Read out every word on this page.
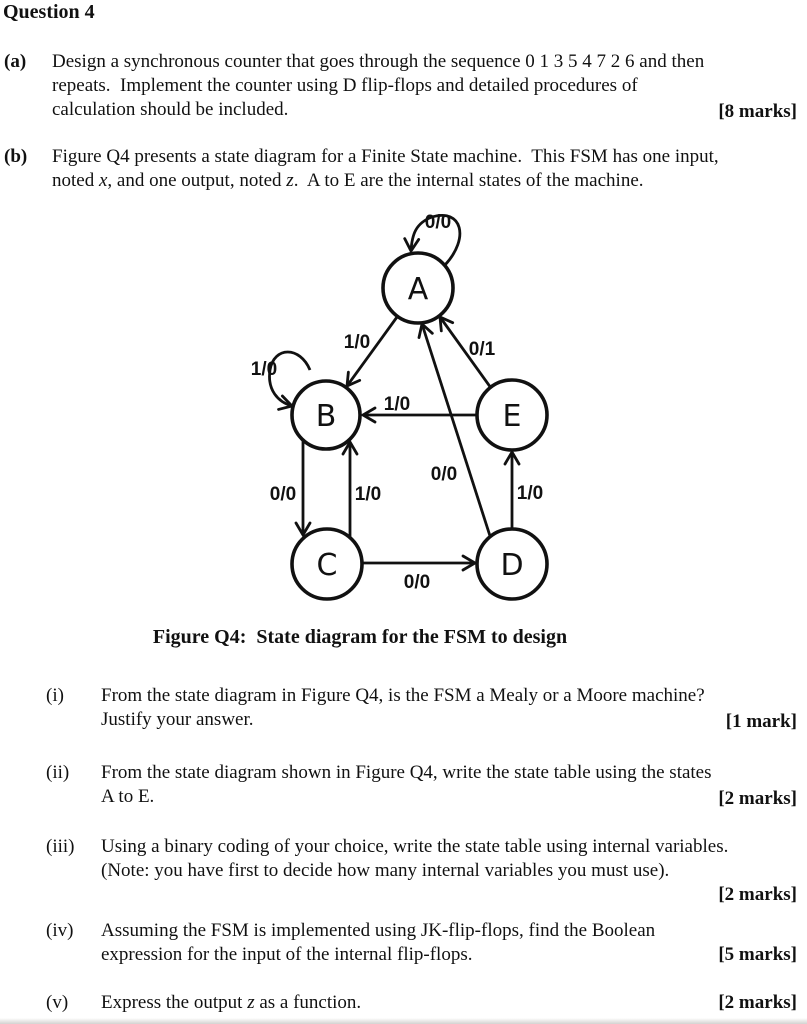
Question 4
(a) Design a synchronous counter that goes through the sequence 0 1 3 5 4 7 2 6 and then
repeats.  Implement the counter using D flip-flops and detailed procedures of
calculation should be included.	[8 marks]
(b) Figure Q4 presents a state diagram for a Finite State machine.  This FSM has one input,
noted x, and one output, noted z.  A to E are the internal states of the machine.
A
B	E
C	D
0/0
1/0
1/0
1/0
0/1
0/0	1/0
0/0
1/0
0/0
Figure Q4:  State diagram for the FSM to design
(i) From the state diagram in Figure Q4, is the FSM a Mealy or a Moore machine?
Justify your answer.	[1 mark]
(ii) From the state diagram shown in Figure Q4, write the state table using the states
A to E.	[2 marks]
(iii) Using a binary coding of your choice, write the state table using internal variables.
(Note: you have first to decide how many internal variables you must use).
[2 marks]
(iv) Assuming the FSM is implemented using JK-flip-flops, find the Boolean
expression for the input of the internal flip-flops.	[5 marks]
(v) Express the output z as a function.	[2 marks]
